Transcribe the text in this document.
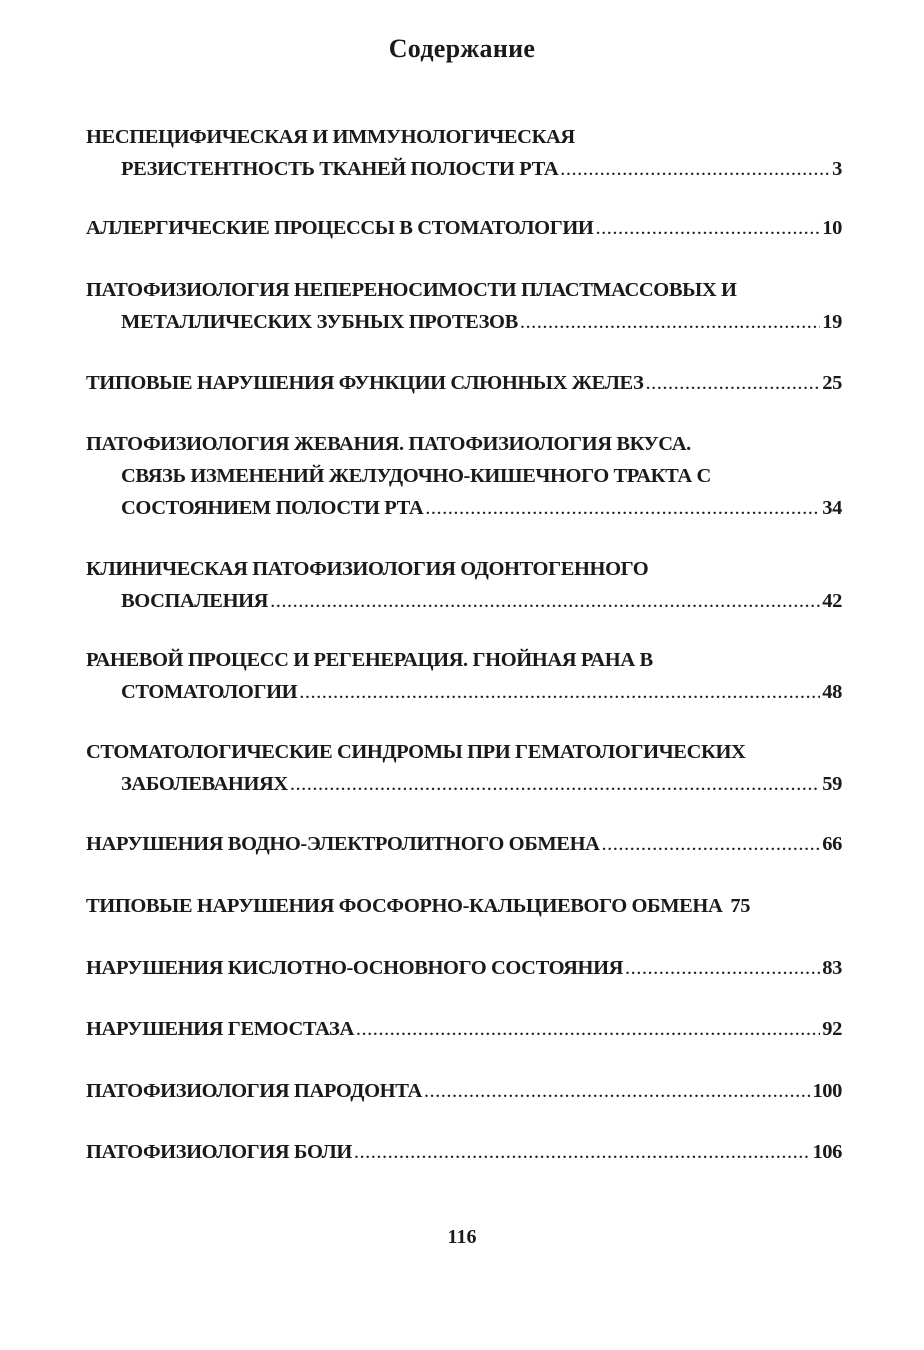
Содержание
НЕСПЕЦИФИЧЕСКАЯ И ИММУНОЛОГИЧЕСКАЯ
РЕЗИСТЕНТНОСТЬ ТКАНЕЙ ПОЛОСТИ РТА .....	3
АЛЛЕРГИЧЕСКИЕ ПРОЦЕССЫ В СТОМАТОЛОГИИ .....	10
ПАТОФИЗИОЛОГИЯ НЕПЕРЕНОСИМОСТИ ПЛАСТМАССОВЫХ И
МЕТАЛЛИЧЕСКИХ ЗУБНЫХ ПРОТЕЗОВ .....	19
ТИПОВЫЕ НАРУШЕНИЯ ФУНКЦИИ СЛЮННЫХ ЖЕЛЕЗ .....	25
ПАТОФИЗИОЛОГИЯ ЖЕВАНИЯ. ПАТОФИЗИОЛОГИЯ ВКУСА.
СВЯЗЬ ИЗМЕНЕНИЙ ЖЕЛУДОЧНО-КИШЕЧНОГО ТРАКТА С
СОСТОЯНИЕМ ПОЛОСТИ РТА .....	34
КЛИНИЧЕСКАЯ ПАТОФИЗИОЛОГИЯ ОДОНТОГЕННОГО
ВОСПАЛЕНИЯ .....	42
РАНЕВОЙ ПРОЦЕСС И РЕГЕНЕРАЦИЯ. ГНОЙНАЯ РАНА В
СТОМАТОЛОГИИ .....	48
СТОМАТОЛОГИЧЕСКИЕ СИНДРОМЫ ПРИ ГЕМАТОЛОГИЧЕСКИХ
ЗАБОЛЕВАНИЯХ .....	59
НАРУШЕНИЯ ВОДНО-ЭЛЕКТРОЛИТНОГО ОБМЕНА .....	66
ТИПОВЫЕ НАРУШЕНИЯ ФОСФОРНО-КАЛЬЦИЕВОГО ОБМЕНА 75
НАРУШЕНИЯ КИСЛОТНО-ОСНОВНОГО СОСТОЯНИЯ .....	83
НАРУШЕНИЯ ГЕМОСТАЗА .....	92
ПАТОФИЗИОЛОГИЯ ПАРОДОНТА .....	100
ПАТОФИЗИОЛОГИЯ БОЛИ .....	106
116
